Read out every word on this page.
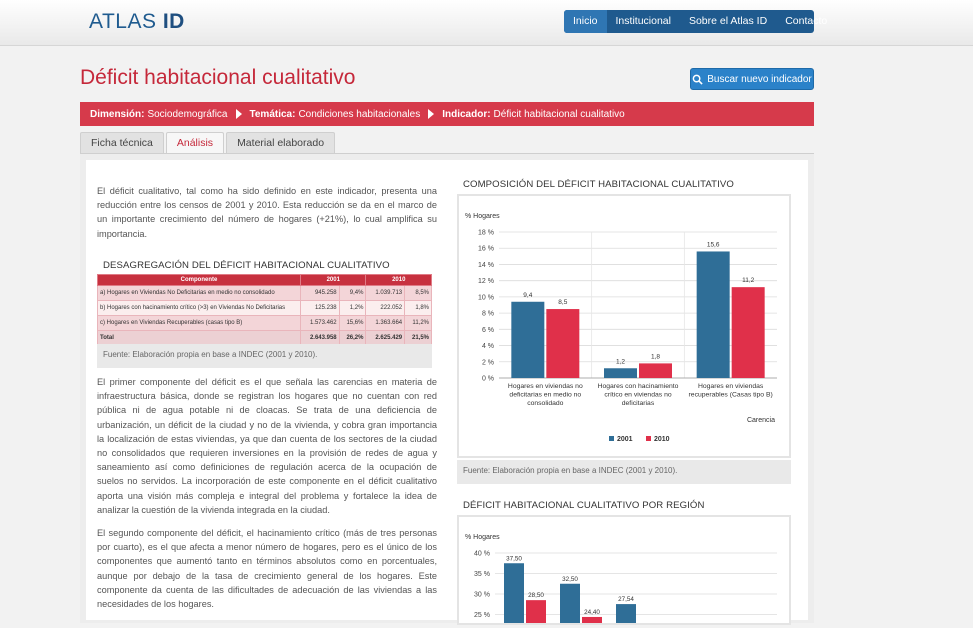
ATLAS ID	Inicio	Institucional	Sobre el Atlas ID	Contacto
Déficit habitacional cualitativo	Buscar nuevo indicador
Dimensión: Sociodemográfica Temática: Condiciones habitacionales Indicador: Déficit habitacional cualitativo
Ficha técnica	Análisis	Material elaborado

El déficit cualitativo, tal como ha sido definido en este indicador, presenta una reducción entre los censos de 2001 y 2010. Esta reducción se da en el marco de un importante crecimiento del número de hogares (+21%), lo cual amplifica su importancia.

DESAGREGACIÓN DEL DÉFICIT HABITACIONAL CUALITATIVO
Componente	2001		2010	
a) Hogares en Viviendas No Deficitarias en medio no consolidado	945.258	9,4%	1.039.713	8,5%
b) Hogares con hacinamiento crítico (>3) en Viviendas No Deficitarias	125.238	1,2%	222.052	1,8%
c) Hogares en Viviendas Recuperables (casas tipo B)	1.573.462	15,6%	1.363.664	11,2%
Total	2.643.958	26,2%	2.625.429	21,5%
Fuente: Elaboración propia en base a INDEC (2001 y 2010).

El primer componente del déficit es el que señala las carencias en materia de infraestructura básica, donde se registran los hogares que no cuentan con red pública ni de agua potable ni de cloacas. Se trata de una deficiencia de urbanización, un déficit de la ciudad y no de la vivienda, y cobra gran importancia la localización de estas viviendas, ya que dan cuenta de los sectores de la ciudad no consolidados que requieren inversiones en la provisión de redes de agua y saneamiento así como definiciones de regulación acerca de la ocupación de suelos no servidos. La incorporación de este componente en el déficit cualitativo aporta una visión más compleja e integral del problema y fortalece la idea de analizar la cuestión de la vivienda integrada en la ciudad.

El segundo componente del déficit, el hacinamiento crítico (más de tres personas por cuarto), es el que afecta a menor número de hogares, pero es el único de los componentes que aumentó tanto en términos absolutos como en porcentuales, aunque por debajo de la tasa de crecimiento general de los hogares. Este componente da cuenta de las dificultades de adecuación de las viviendas a las necesidades de los hogares.

COMPOSICIÓN DEL DÉFICIT HABITACIONAL CUALITATIVO
% Hogares
0 %
2 %
4 %
6 %
8 %
10 %
12 %
14 %
16 %
18 %
9,4
1,2
15,6
8,5
1,8
11,2
Hogares en viviendas no deficitarias en medio no consolidado
Hogares con hacinamiento crítico en viviendas no deficitarias
Hogares en viviendas recuperables (Casas tipo B)
Carencia
2001	2010
Fuente: Elaboración propia en base a INDEC (2001 y 2010).
DÉFICIT HABITACIONAL CUALITATIVO POR REGIÓN
% Hogares
40 %
35 %
30 %
25 %
37,50
32,50
27,54
28,50
24,40
